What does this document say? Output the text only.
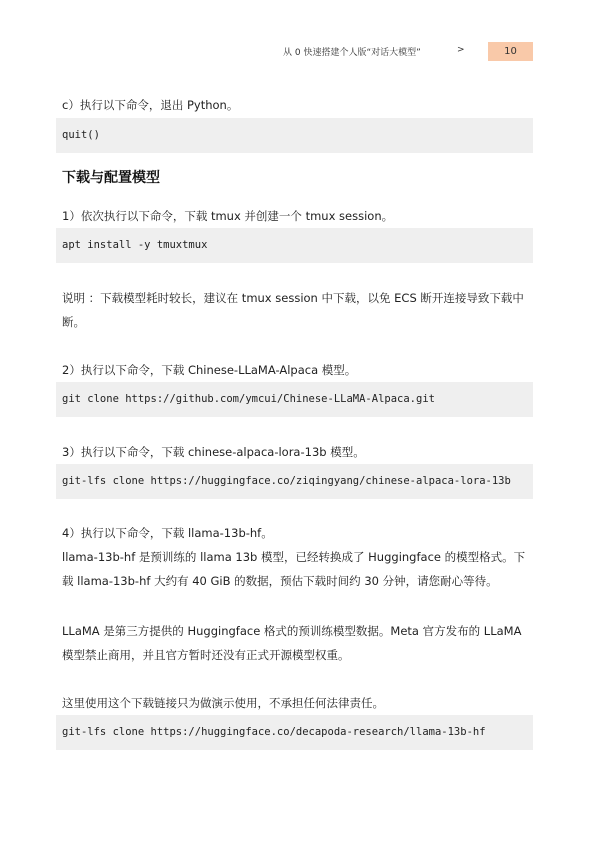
从 0 快速搭建个人版“对话大模型”	>	10
c）执行以下命令，退出 Python。
quit()
下载与配置模型
1）依次执行以下命令，下载 tmux 并创建一个 tmux session。
apt install -y tmuxtmux
说明 ：下载模型耗时较长，建议在 tmux session 中下载，以免 ECS 断开连接导致下载中断。
2）执行以下命令，下载 Chinese-LLaMA-Alpaca 模型。
git clone https://github.com/ymcui/Chinese-LLaMA-Alpaca.git
3）执行以下命令，下载 chinese-alpaca-lora-13b 模型。
git-lfs clone https://huggingface.co/ziqingyang/chinese-alpaca-lora-13b
4）执行以下命令，下载 llama-13b-hf。
llama-13b-hf 是预训练的 llama 13b 模型，已经转换成了 Huggingface 的模型格式。下载 llama-13b-hf 大约有 40 GiB 的数据，预估下载时间约 30 分钟，请您耐心等待。
LLaMA 是第三方提供的 Huggingface 格式的预训练模型数据。Meta 官方发布的 LLaMA 模型禁止商用，并且官方暂时还没有正式开源模型权重。
这里使用这个下载链接只为做演示使用，不承担任何法律责任。
git-lfs clone https://huggingface.co/decapoda-research/llama-13b-hf
